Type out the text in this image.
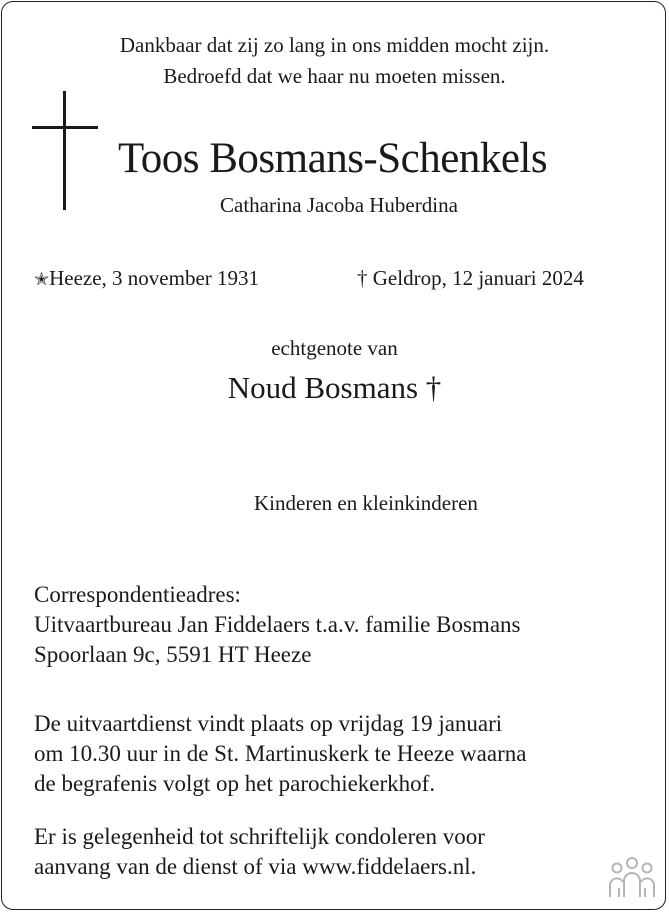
Dankbaar dat zij zo lang in ons midden mocht zijn.
Bedroefd dat we haar nu moeten missen.
Toos Bosmans-Schenkels
Catharina Jacoba Huberdina
✭Heeze, 3 november 1931	† Geldrop, 12 januari 2024
echtgenote van
Noud Bosmans †
Kinderen en kleinkinderen
Correspondentieadres:
Uitvaartbureau Jan Fiddelaers t.a.v. familie Bosmans
Spoorlaan 9c, 5591 HT Heeze
De uitvaartdienst vindt plaats op vrijdag 19 januari
om 10.30 uur in de St. Martinuskerk te Heeze waarna
de begrafenis volgt op het parochiekerkhof.
Er is gelegenheid tot schriftelijk condoleren voor
aanvang van de dienst of via www.fiddelaers.nl.
